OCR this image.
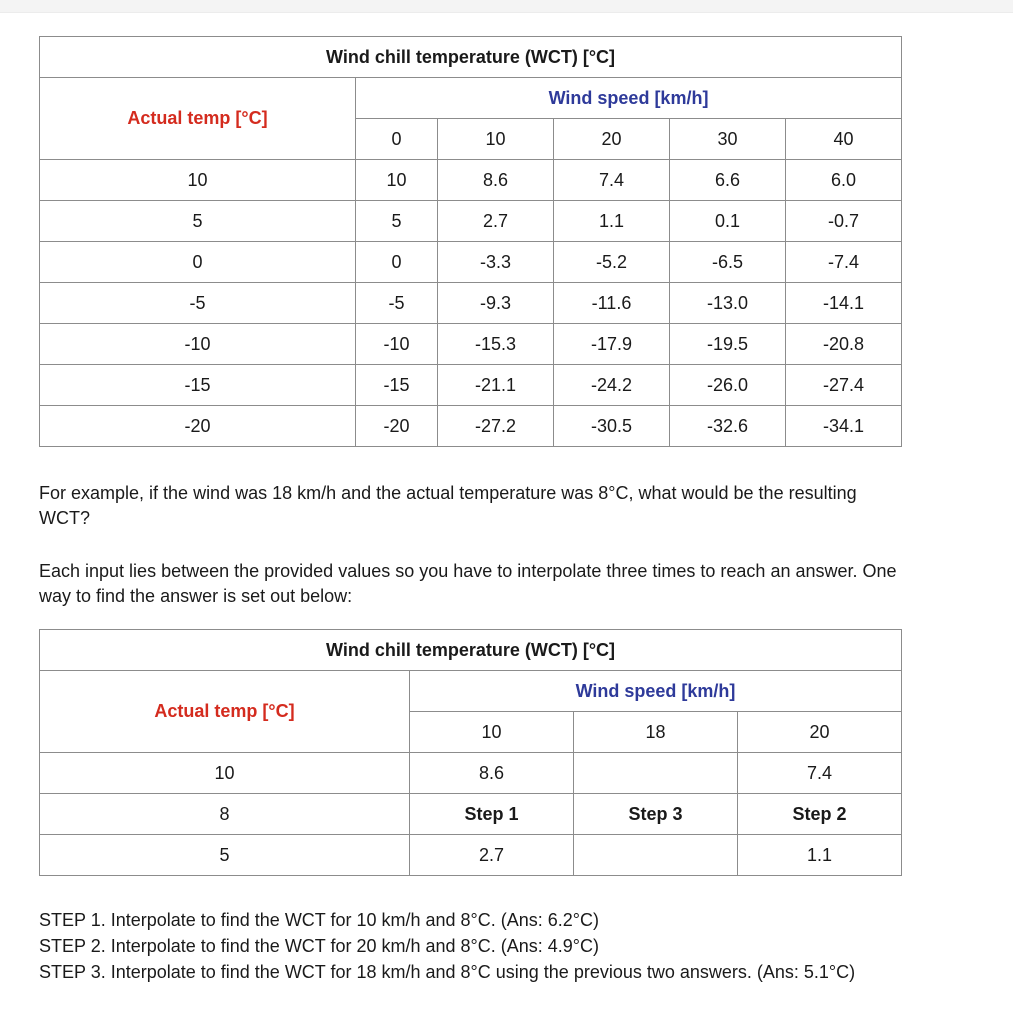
Wind chill temperature (WCT) [°C]					
Actual temp [°C]	Wind speed [km/h]				
	0	10	20	30	40
10	10	8.6	7.4	6.6	6.0
5	5	2.7	1.1	0.1	-0.7
0	0	-3.3	-5.2	-6.5	-7.4
-5	-5	-9.3	-11.6	-13.0	-14.1
-10	-10	-15.3	-17.9	-19.5	-20.8
-15	-15	-21.1	-24.2	-26.0	-27.4
-20	-20	-27.2	-30.5	-32.6	-34.1

For example, if the wind was 18 km/h and the actual temperature was 8°C, what would be the resulting WCT?

Each input lies between the provided values so you have to interpolate three times to reach an answer. One way to find the answer is set out below:

Wind chill temperature (WCT) [°C]			
Actual temp [°C]	Wind speed [km/h]		
	10	18	20
10	8.6		7.4
8	Step 1	Step 3	Step 2
5	2.7		1.1
STEP 1. Interpolate to find the WCT for 10 km/h and 8°C. (Ans: 6.2°C)
STEP 2. Interpolate to find the WCT for 20 km/h and 8°C. (Ans: 4.9°C)
STEP 3. Interpolate to find the WCT for 18 km/h and 8°C using the previous two answers. (Ans: 5.1°C)
